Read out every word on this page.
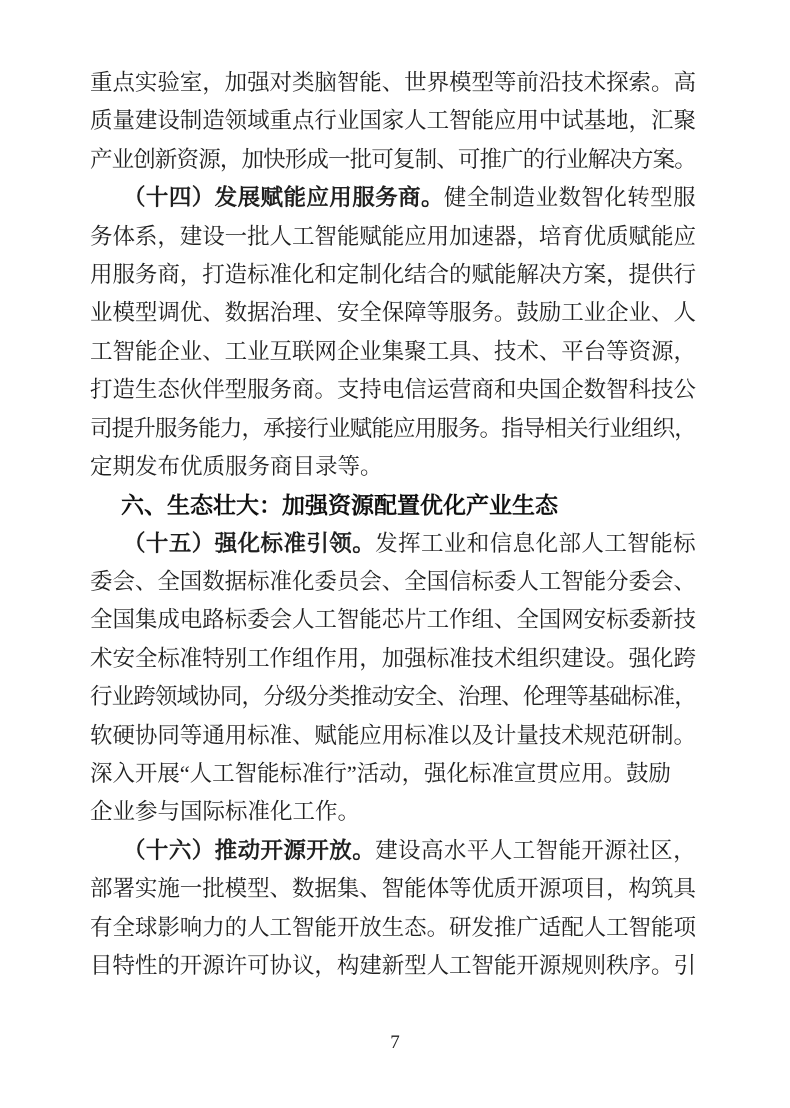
重点实验室，加强对类脑智能、世界模型等前沿技术探索。高
质量建设制造领域重点行业国家人工智能应用中试基地，汇聚
产业创新资源，加快形成一批可复制、可推广的行业解决方案。
（十四）发展赋能应用服务商。健全制造业数智化转型服
务体系，建设一批人工智能赋能应用加速器，培育优质赋能应
用服务商，打造标准化和定制化结合的赋能解决方案，提供行
业模型调优、数据治理、安全保障等服务。鼓励工业企业、人
工智能企业、工业互联网企业集聚工具、技术、平台等资源，
打造生态伙伴型服务商。支持电信运营商和央国企数智科技公
司提升服务能力，承接行业赋能应用服务。指导相关行业组织，
定期发布优质服务商目录等。
六、生态壮大：加强资源配置优化产业生态
（十五）强化标准引领。发挥工业和信息化部人工智能标
委会、全国数据标准化委员会、全国信标委人工智能分委会、
全国集成电路标委会人工智能芯片工作组、全国网安标委新技
术安全标准特别工作组作用，加强标准技术组织建设。强化跨
行业跨领域协同，分级分类推动安全、治理、伦理等基础标准，
软硬协同等通用标准、赋能应用标准以及计量技术规范研制。
深入开展“人工智能标准行”活动，强化标准宣贯应用。鼓励
企业参与国际标准化工作。
（十六）推动开源开放。建设高水平人工智能开源社区，
部署实施一批模型、数据集、智能体等优质开源项目，构筑具
有全球影响力的人工智能开放生态。研发推广适配人工智能项
目特性的开源许可协议，构建新型人工智能开源规则秩序。引
7
